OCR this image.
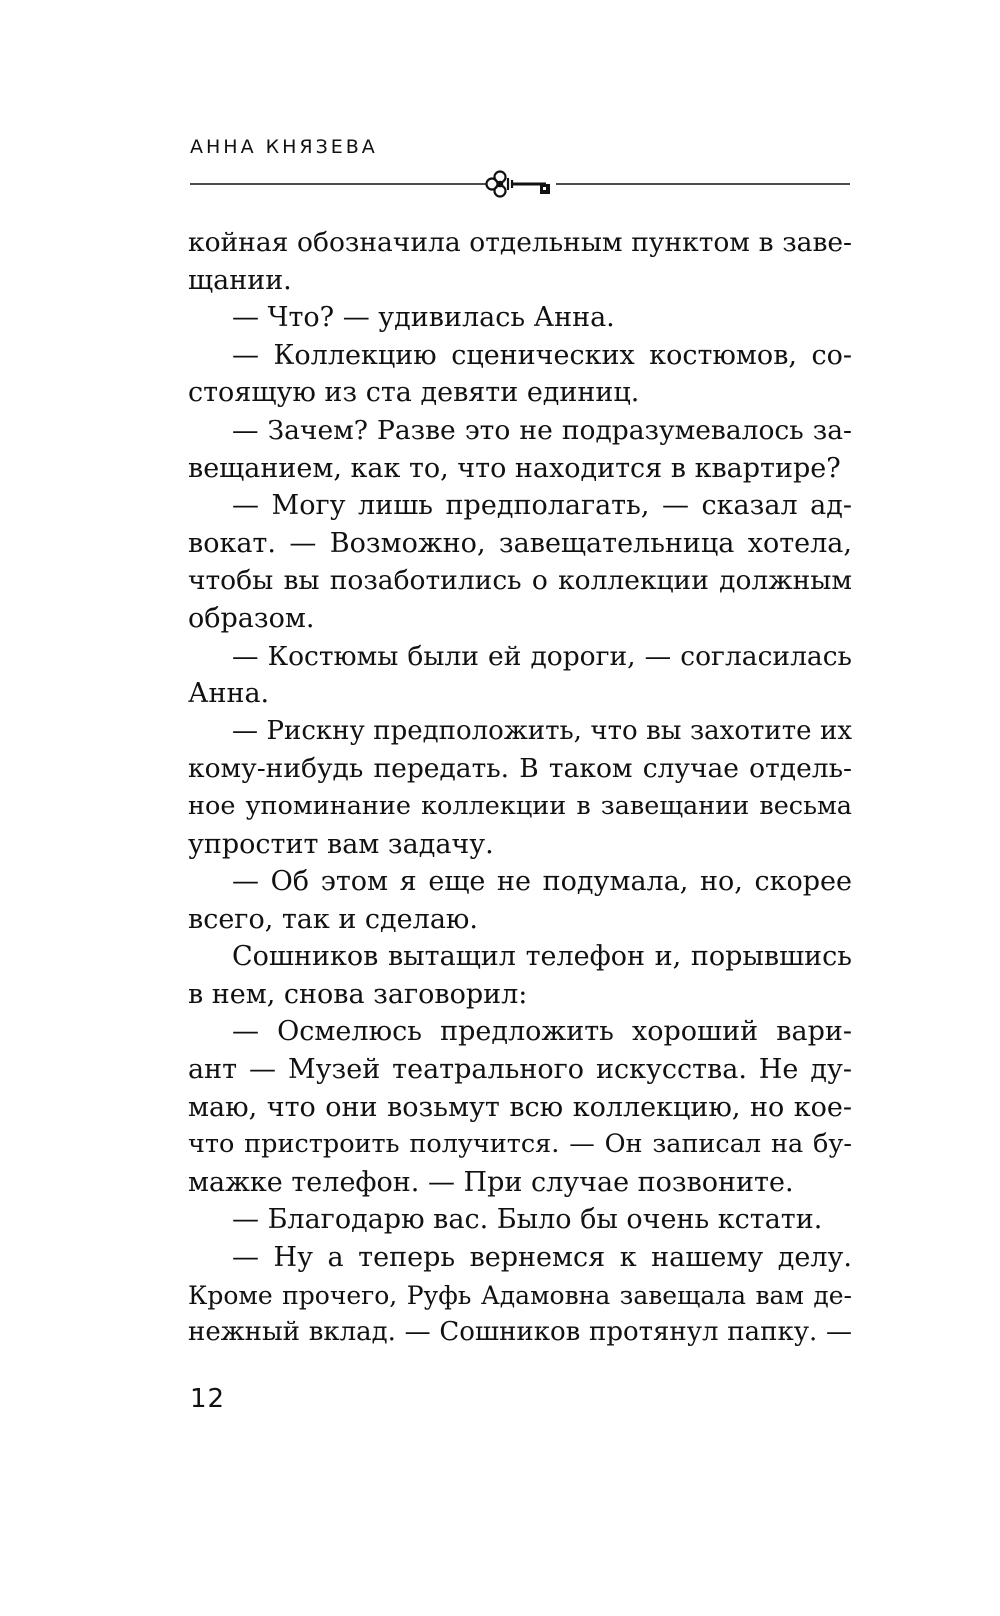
АННА КНЯЗЕВА
койная обозначила отдельным пунктом в заве-
щании.
— Что? — удивилась Анна.
— Коллекцию сценических костюмов, со-
стоящую из ста девяти единиц.
— Зачем? Разве это не подразумевалось за-
вещанием, как то, что находится в квартире?
— Могу лишь предполагать, — сказал ад-
вокат. — Возможно, завещательница хотела,
чтобы вы позаботились о коллекции должным
образом.
— Костюмы были ей дороги, — согласилась
Анна.
— Рискну предположить, что вы захотите их
кому-нибудь передать. В таком случае отдель-
ное упоминание коллекции в завещании весьма
упростит вам задачу.
— Об этом я еще не подумала, но, скорее
всего, так и сделаю.
Сошников вытащил телефон и, порывшись
в нем, снова заговорил:
— Осмелюсь предложить хороший вари-
ант — Музей театрального искусства. Не ду-
маю, что они возьмут всю коллекцию, но кое-
что пристроить получится. — Он записал на бу-
мажке телефон. — При случае позвоните.
— Благодарю вас. Было бы очень кстати.
— Ну а теперь вернемся к нашему делу.
Кроме прочего, Руфь Адамовна завещала вам де-
нежный вклад. — Сошников протянул папку. —
12
